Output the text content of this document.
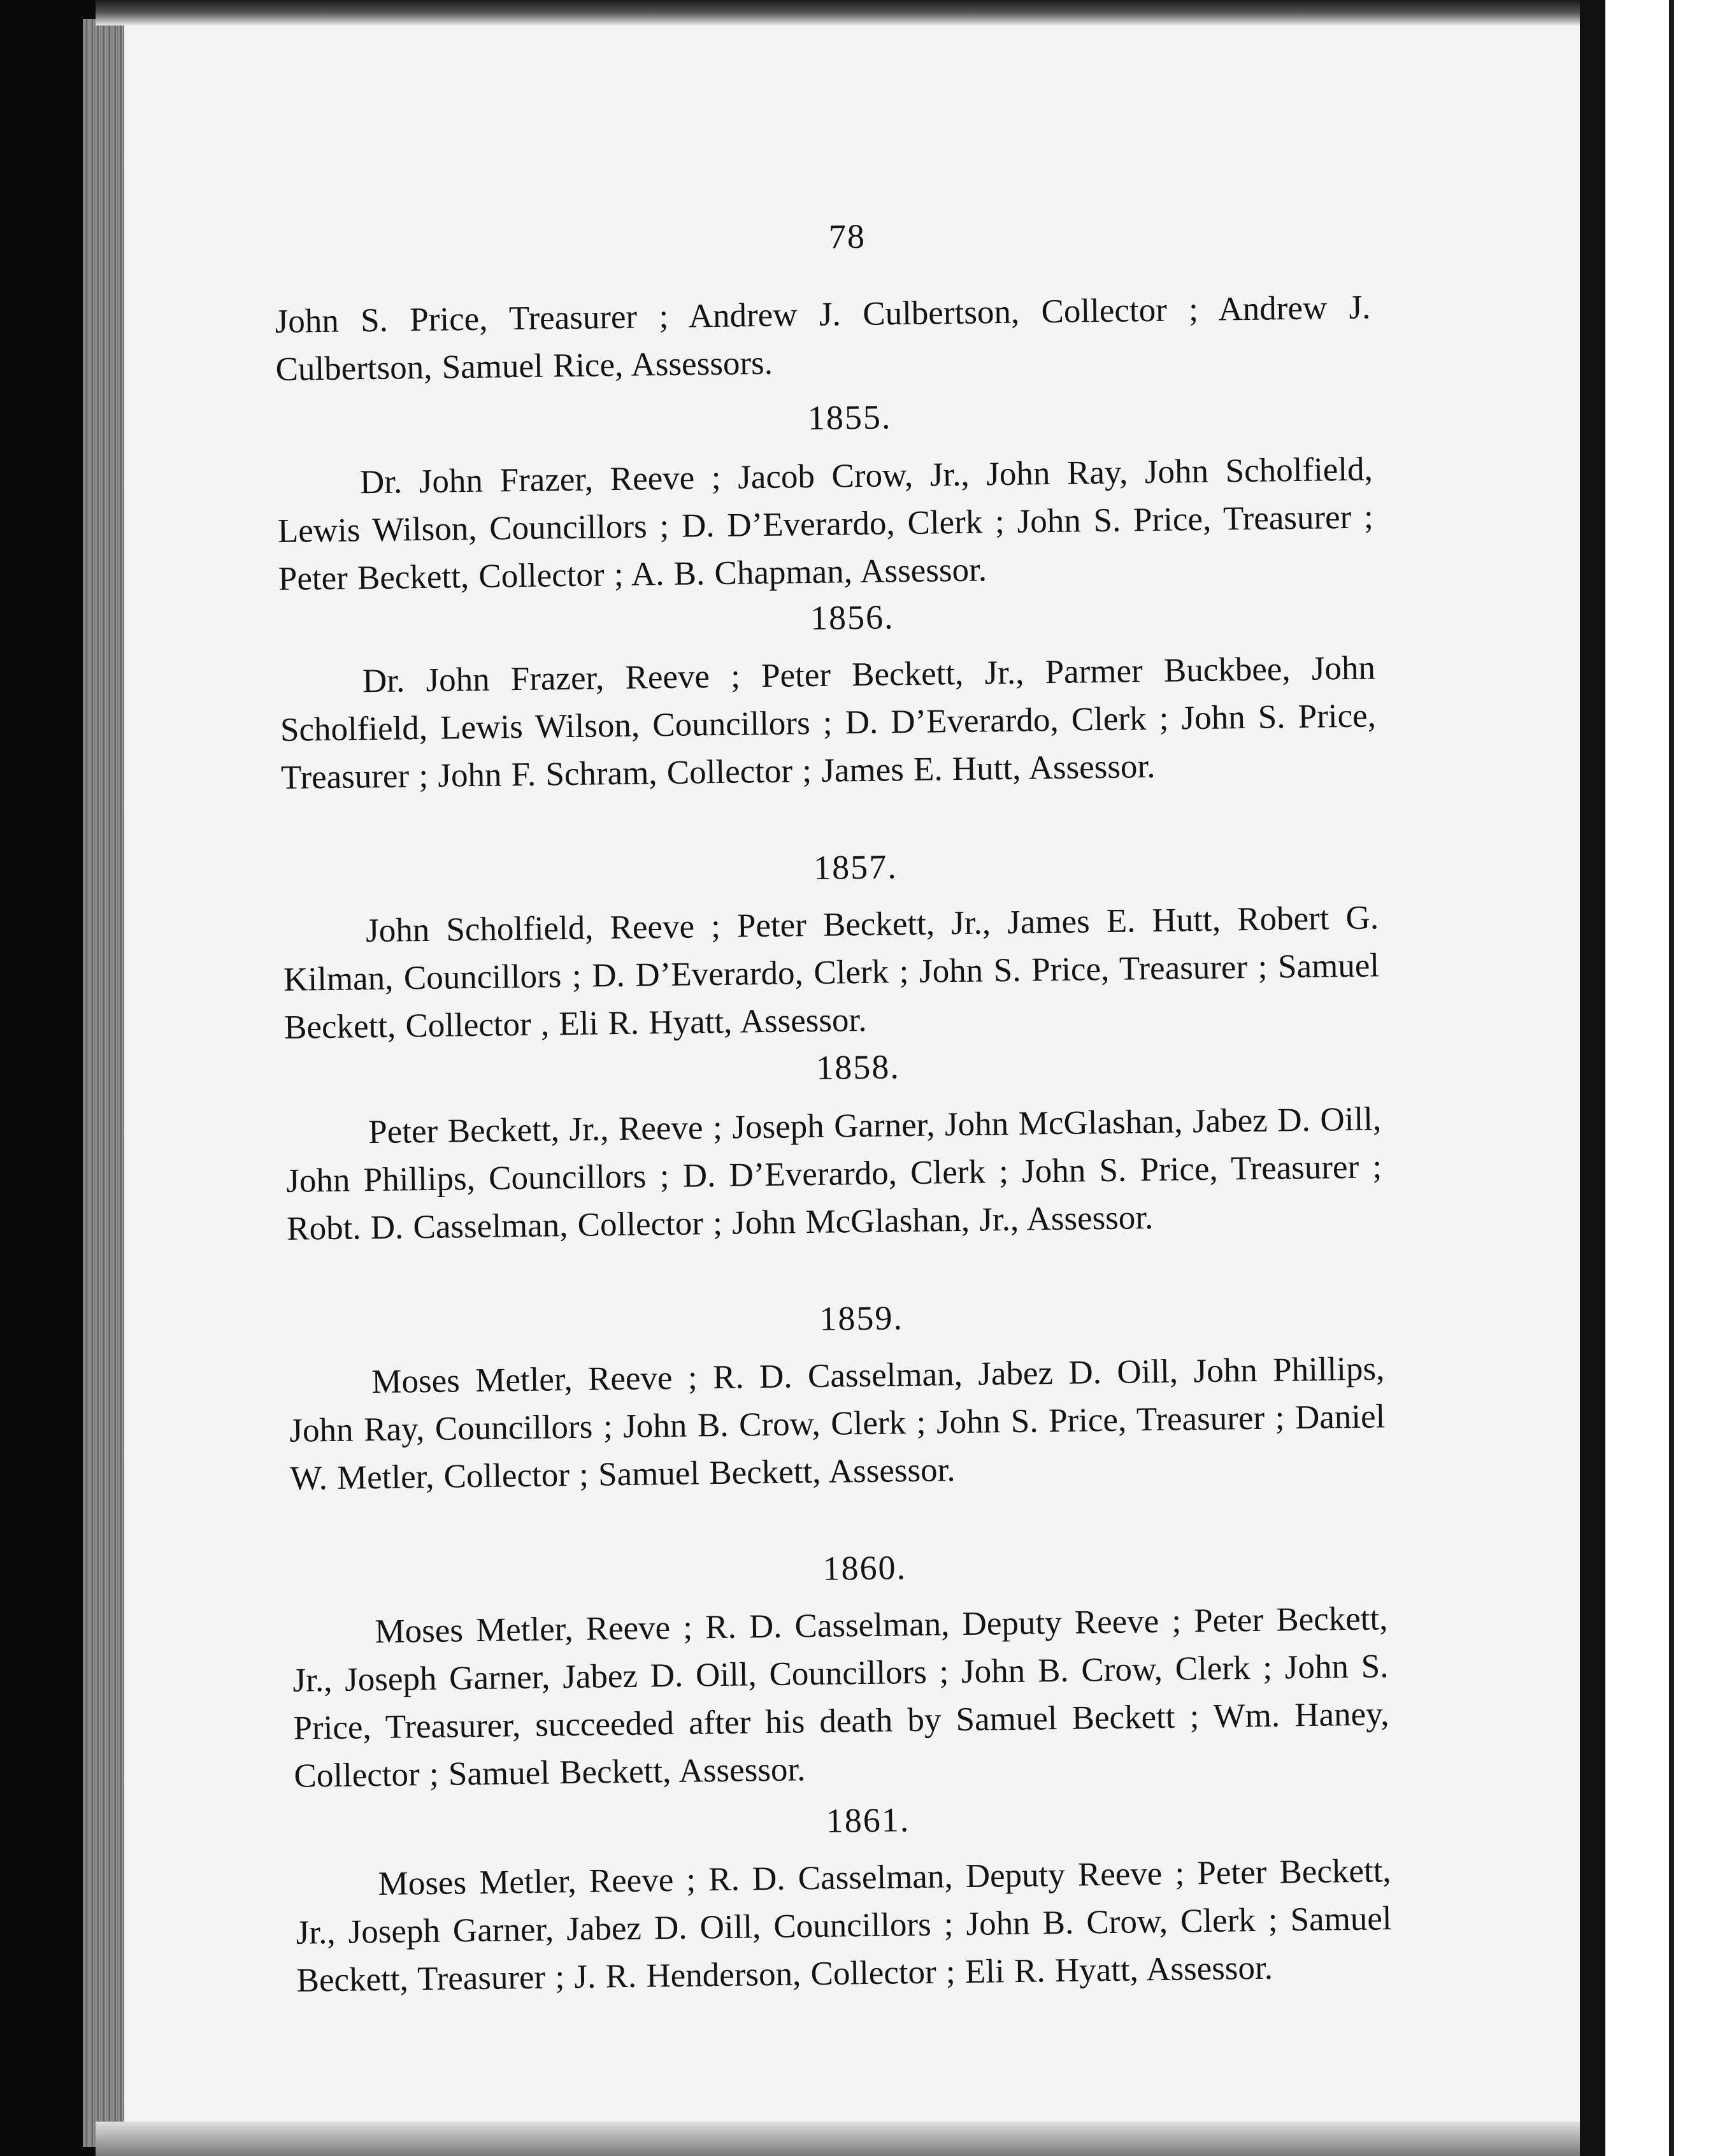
78
John S. Price, Treasurer ; Andrew J. Culbertson, Collector ; Andrew J. Culbertson, Samuel Rice, Assessors.
1855.
Dr. John Frazer, Reeve ; Jacob Crow, Jr., John Ray, John Scholfield, Lewis Wilson, Councillors ; D. D’Everardo, Clerk ; John S. Price, Treasurer ; Peter Beckett, Collector ; A. B. Chapman, Assessor.
1856.
Dr. John Frazer, Reeve ; Peter Beckett, Jr., Parmer Buckbee, John Scholfield, Lewis Wilson, Councillors ; D. D’Everardo, Clerk ; John S. Price, Treasurer ; John F. Schram, Collector ; James E. Hutt, Assessor.
1857.
John Scholfield, Reeve ; Peter Beckett, Jr., James E. Hutt, Robert G. Kilman, Councillors ; D. D’Everardo, Clerk ; John S. Price, Treasurer ; Samuel Beckett, Collector , Eli R. Hyatt, Assessor.
1858.
Peter Beckett, Jr., Reeve ; Joseph Garner, John McGlashan, Jabez D. Oill, John Phillips, Councillors ; D. D’Everardo, Clerk ; John S. Price, Treasurer ; Robt. D. Casselman, Collector ; John McGlashan, Jr., Assessor.
1859.
Moses Metler, Reeve ; R. D. Casselman, Jabez D. Oill, John Phillips, John Ray, Councillors ; John B. Crow, Clerk ; John S. Price, Treasurer ; Daniel W. Metler, Collector ; Samuel Beckett, Assessor.
1860.
Moses Metler, Reeve ; R. D. Casselman, Deputy Reeve ; Peter Beckett, Jr., Joseph Garner, Jabez D. Oill, Councillors ; John B. Crow, Clerk ; John S. Price, Treasurer, succeeded after his death by Samuel Beckett ; Wm. Haney, Collector ; Samuel Beckett, Assessor.
1861.
Moses Metler, Reeve ; R. D. Casselman, Deputy Reeve ; Peter Beckett, Jr., Joseph Garner, Jabez D. Oill, Councillors ; John B. Crow, Clerk ; Samuel Beckett, Treasurer ; J. R. Henderson, Collector ; Eli R. Hyatt, Assessor.
